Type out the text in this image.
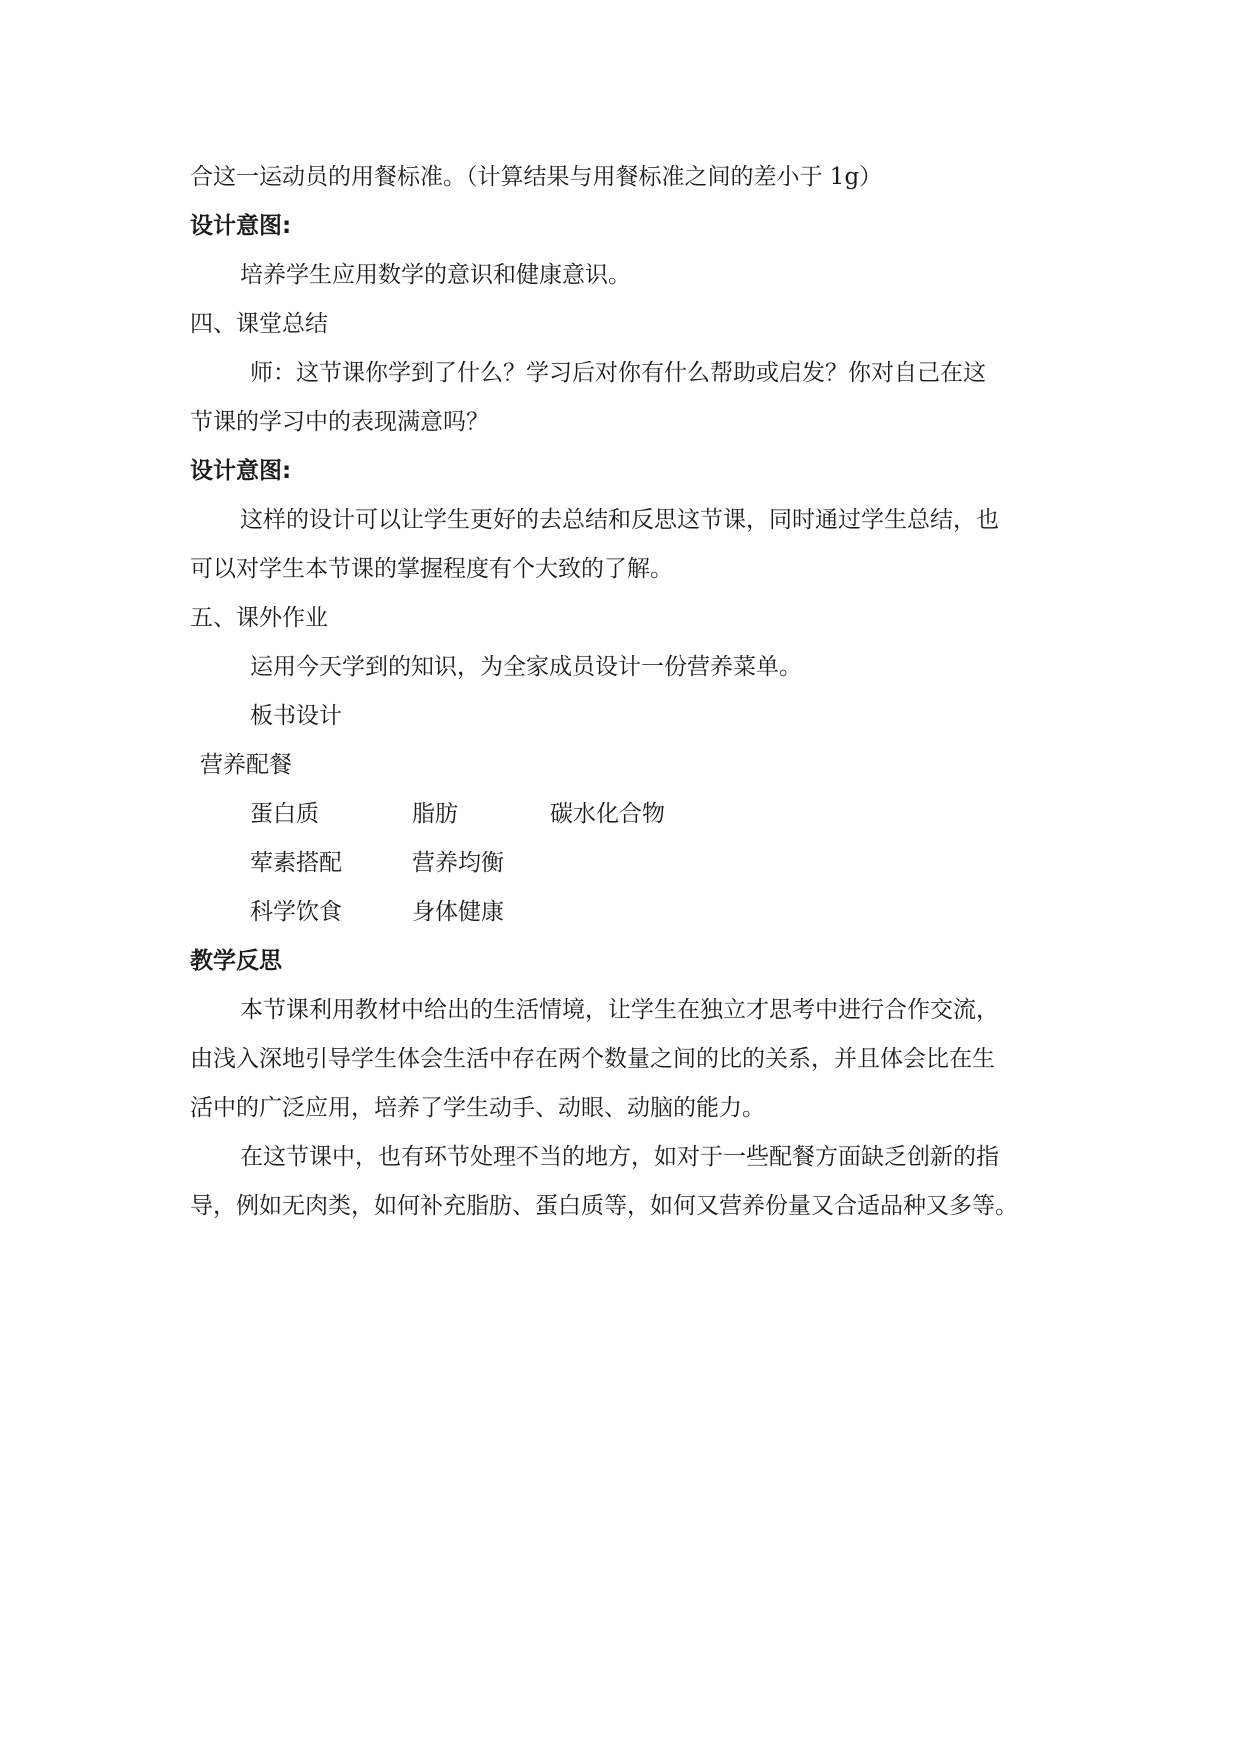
合这一运动员的用餐标准。（计算结果与用餐标准之间的差小于 1g）
设计意图:
培养学生应用数学的意识和健康意识。
四、课堂总结
师：这节课你学到了什么？学习后对你有什么帮助或启发？你对自己在这
节课的学习中的表现满意吗？
设计意图:
这样的设计可以让学生更好的去总结和反思这节课，同时通过学生总结，也
可以对学生本节课的掌握程度有个大致的了解。
五、课外作业
运用今天学到的知识，为全家成员设计一份营养菜单。
板书设计
营养配餐
蛋白质	脂肪	碳水化合物
荤素搭配	营养均衡
科学饮食	身体健康
教学反思
本节课利用教材中给出的生活情境，让学生在独立才思考中进行合作交流，
由浅入深地引导学生体会生活中存在两个数量之间的比的关系，并且体会比在生
活中的广泛应用，培养了学生动手、动眼、动脑的能力。
在这节课中，也有环节处理不当的地方，如对于一些配餐方面缺乏创新的指
导，例如无肉类，如何补充脂肪、蛋白质等，如何又营养份量又合适品种又多等。
